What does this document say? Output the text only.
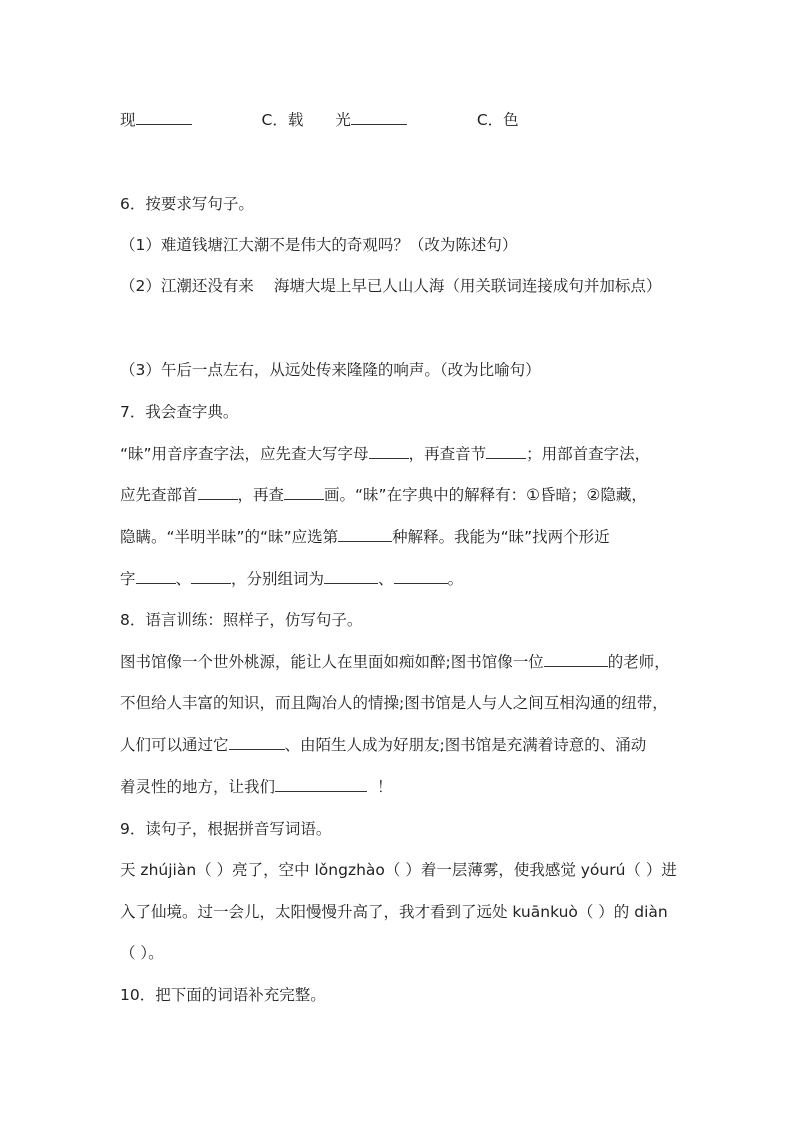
现	C．载 光	C．色
6．按要求写句子。
（1）难道钱塘江大潮不是伟大的奇观吗？（改为陈述句）
（2）江潮还没有来 海塘大堤上早已人山人海（用关联词连接成句并加标点）
（3）午后一点左右，从远处传来隆隆的响声。（改为比喻句）
7．我会查字典。
“昧”用音序查字法，应先查大写字母	，再查音节	；用部首查字法，
应先查部首	，再查	画。“昧”在字典中的解释有：①昏暗；②隐藏，
隐瞒。“半明半昧”的“昧”应选第	种解释。我能为“昧”找两个形近
字	、	，分别组词为	、	。
8．语言训练：照样子，仿写句子。
图书馆像一个世外桃源，能让人在里面如痴如醉;图书馆像一位	的老师，
不但给人丰富的知识，而且陶冶人的情操;图书馆是人与人之间互相沟通的纽带，
人们可以通过它	、由陌生人成为好朋友;图书馆是充满着诗意的、涌动
着灵性的地方，让我们	！
9．读句子，根据拼音写词语。
天 zhújiàn（ ）亮了，空中 lǒngzhào（ ）着一层薄雾，使我感觉 yóurú（ ）进
入了仙境。过一会儿，太阳慢慢升高了，我才看到了远处 kuānkuò（ ）的 diàn
（ ）。
10．把下面的词语补充完整。
